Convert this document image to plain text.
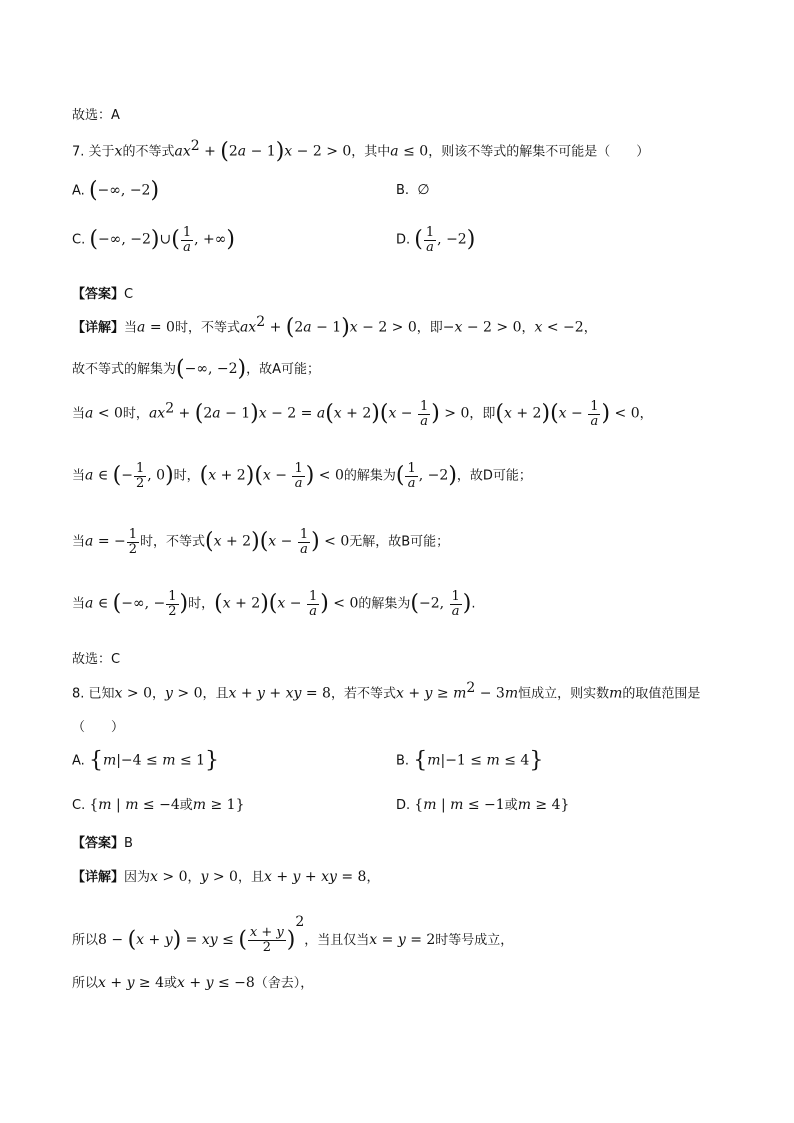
故选：A
7. 关于x的不等式$ax^2 + (2a - 1)x - 2 > 0$，其中a ≤ 0，则该不等式的解集不可能是（　　）
A. (−∞, −2)	B. ∅
C. (−∞, −2)∪( $\frac{1}{a}$ , +∞)	D. ( $\frac{1}{a}$ , −2)
【答案】C
【详解】当a = 0时，不等式$ax^2 + (2a - 1)x - 2 > 0$，即−x − 2 > 0，x < −2，
故不等式的解集为(−∞, −2)，故A可能；
当a < 0时，$ax^2 + (2a - 1)x - 2 = a(x + 2)(x - \frac{1}{a}$ ) > 0，即$(x + 2)(x - \frac{1}{a}$ ) < 0，
当a ∈ (− $\frac{1}{2}$ , 0)时，$(x + 2)(x - \frac{1}{a}$ ) < 0的解集为( $\frac{1}{a}$ , −2)，故D可能；
当a = − $\frac{1}{2}$ 时，不等式$(x + 2)(x - \frac{1}{a}$ ) < 0无解，故B可能；
当a ∈ (−∞, − $\frac{1}{2}$ )时，$(x + 2)(x - \frac{1}{a}$ ) < 0的解集为(−2, $\frac{1}{a}$ ).
故选：C
8. 已知x > 0，y > 0，且x + y + xy = 8，若不等式$x + y \ge m^2 - 3m$恒成立，则实数m的取值范围是
（　　）
A. {m|−4 ≤ m ≤ 1}	B. {m|−1 ≤ m ≤ 4}
C. {m | m ≤ −4或m ≥ 1}	D. {m | m ≤ −1或m ≥ 4}
【答案】B
【详解】因为x > 0，y > 0，且x + y + xy = 8，
所以8 − (x + y) = xy ≤ ( $\frac{x + y}{2} )^2$，当且仅当x = y = 2时等号成立，
所以x + y ≥ 4或x + y ≤ −8（舍去），
